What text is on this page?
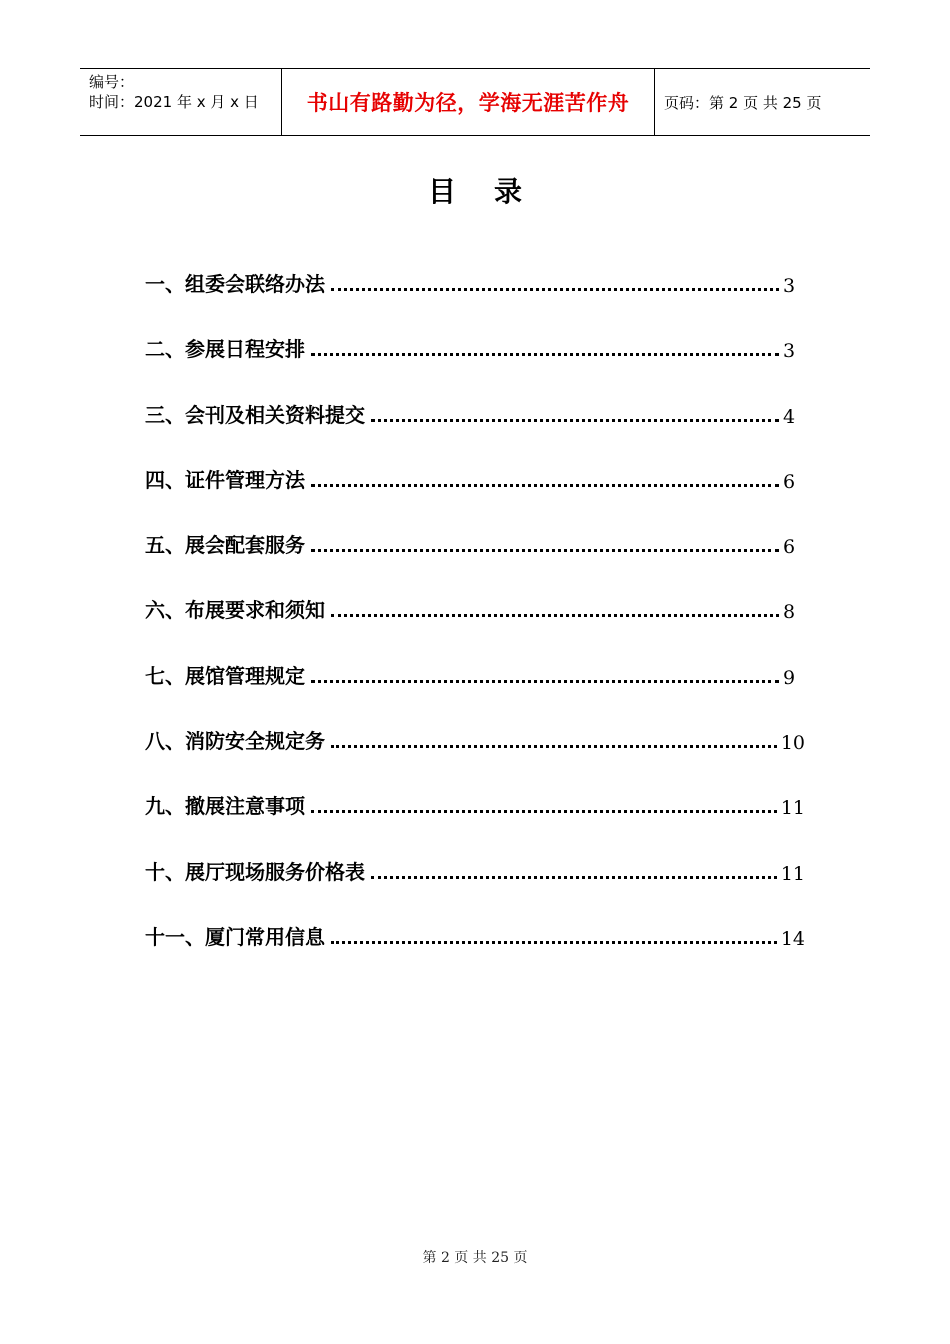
编号：
时间：2021 年 x 月 x 日	书山有路勤为径，学海无涯苦作舟 页码：第 2 页 共 25 页
目录
一、组委会联络办法	3
二、参展日程安排	3
三、会刊及相关资料提交	4
四、证件管理方法	6
五、展会配套服务	6
六、布展要求和须知	8
七、展馆管理规定	9
八、消防安全规定务	10
九、撤展注意事项	11
十、展厅现场服务价格表	11
十一、厦门常用信息	14
第 2 页 共 25 页
